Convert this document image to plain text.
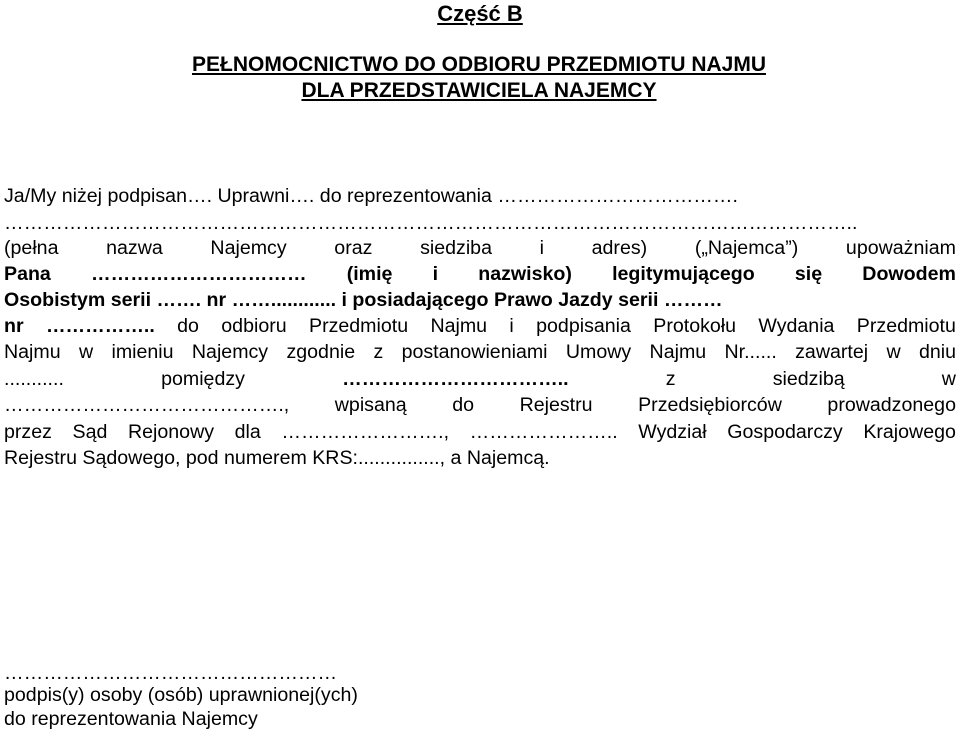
Część B
PEŁNOMOCNICTWO DO ODBIORU PRZEDMIOTU NAJMU
DLA PRZEDSTAWICIELA NAJEMCY
Ja/My niżej podpisan…. Uprawni…. do reprezentowania ……………………………….
…………………………………………………………………………………………………………………..
(pełna nazwa Najemcy oraz siedziba i adres) („Najemca”) upoważniam
Pana …………………………… (imię i nazwisko) legitymującego się Dowodem
Osobistym serii ……. nr ……............ i posiadającego Prawo Jazdy serii ………
nr …………….. do odbioru Przedmiotu Najmu i podpisania Protokołu Wydania Przedmiotu
Najmu w imieniu Najemcy zgodnie z postanowieniami Umowy Najmu Nr...... zawartej w dniu
...........	pomiędzy	……………………………..	z	siedzibą	w
……………………………………., wpisaną do Rejestru Przedsiębiorców prowadzonego
przez Sąd Rejonowy dla ……………………., ………………….. Wydział Gospodarczy Krajowego
Rejestru Sądowego, pod numerem KRS:..............., a Najemcą.
……………………………………………
podpis(y) osoby (osób) uprawnionej(ych)
do reprezentowania Najemcy
